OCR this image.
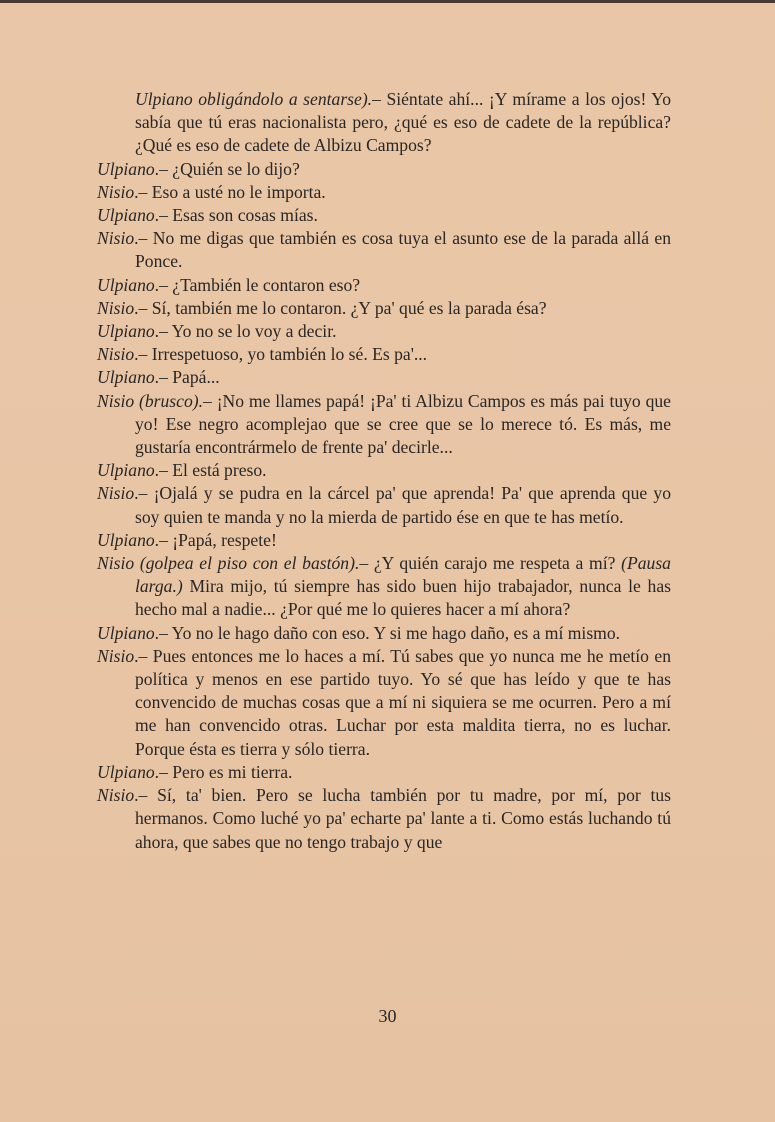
Ulpiano obligándolo a sentarse).– Siéntate ahí... ¡Y mírame a los ojos! Yo sabía que tú eras nacionalista pero, ¿qué es eso de cadete de la república? ¿Qué es eso de cadete de Albizu Campos?

Ulpiano.– ¿Quién se lo dijo?

Nisio.– Eso a usté no le importa.

Ulpiano.– Esas son cosas mías.

Nisio.– No me digas que también es cosa tuya el asunto ese de la parada allá en Ponce.

Ulpiano.– ¿También le contaron eso?

Nisio.– Sí, también me lo contaron. ¿Y pa' qué es la parada ésa?

Ulpiano.– Yo no se lo voy a decir.

Nisio.– Irrespetuoso, yo también lo sé. Es pa'...

Ulpiano.– Papá...

Nisio (brusco).– ¡No me llames papá! ¡Pa' ti Albizu Campos es más pai tuyo que yo! Ese negro acomplejao que se cree que se lo merece tó. Es más, me gustaría encontrármelo de frente pa' decirle...

Ulpiano.– El está preso.

Nisio.– ¡Ojalá y se pudra en la cárcel pa' que aprenda! Pa' que aprenda que yo soy quien te manda y no la mierda de partido ése en que te has metío.

Ulpiano.– ¡Papá, respete!

Nisio (golpea el piso con el bastón).– ¿Y quién carajo me respeta a mí? (Pausa larga.) Mira mijo, tú siempre has sido buen hijo trabajador, nunca le has hecho mal a nadie... ¿Por qué me lo quieres hacer a mí ahora?

Ulpiano.– Yo no le hago daño con eso. Y si me hago daño, es a mí mismo.

Nisio.– Pues entonces me lo haces a mí. Tú sabes que yo nunca me he metío en política y menos en ese partido tuyo. Yo sé que has leído y que te has convencido de muchas cosas que a mí ni siquiera se me ocurren. Pero a mí me han convencido otras. Luchar por esta maldita tierra, no es luchar. Porque ésta es tierra y sólo tierra.

Ulpiano.– Pero es mi tierra.

Nisio.– Sí, ta' bien. Pero se lucha también por tu madre, por mí, por tus hermanos. Como luché yo pa' echarte pa' lante a ti. Como estás luchando tú ahora, que sabes que no tengo trabajo y que

30
